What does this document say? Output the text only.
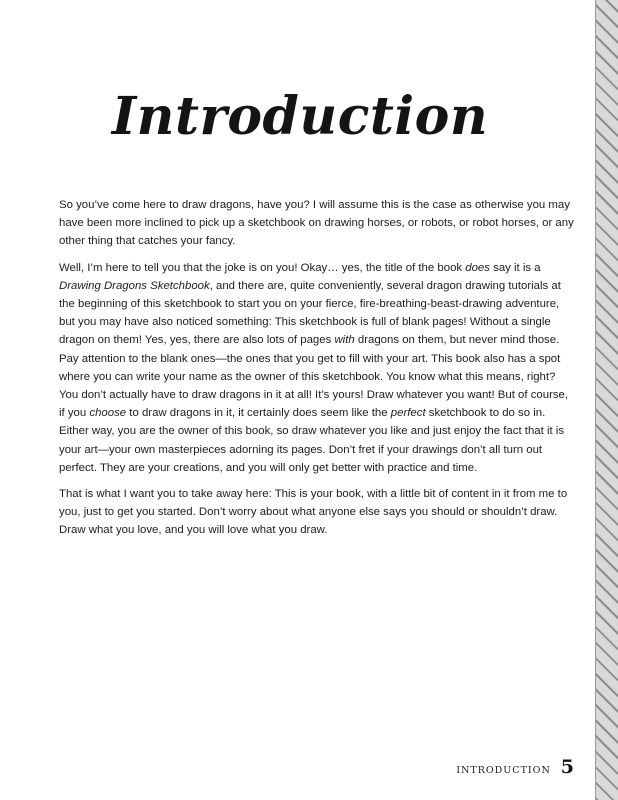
Introduction

So you’ve come here to draw dragons, have you? I will assume this is the case as otherwise you may have been more inclined to pick up a sketchbook on drawing horses, or robots, or robot horses, or any other thing that catches your fancy.

Well, I’m here to tell you that the joke is on you! Okay… yes, the title of the book does say it is a Drawing Dragons Sketchbook, and there are, quite conveniently, several dragon drawing tutorials at the beginning of this sketchbook to start you on your fierce, fire-breathing-beast-drawing adventure, but you may have also noticed something: This sketchbook is full of blank pages! Without a single dragon on them! Yes, yes, there are also lots of pages with dragons on them, but never mind those. Pay attention to the blank ones—the ones that you get to fill with your art. This book also has a spot where you can write your name as the owner of this sketchbook. You know what this means, right? You don’t actually have to draw dragons in it at all! It’s yours! Draw whatever you want! But of course, if you choose to draw dragons in it, it certainly does seem like the perfect sketchbook to do so in. Either way, you are the owner of this book, so draw whatever you like and just enjoy the fact that it is your art—your own masterpieces adorning its pages. Don’t fret if your drawings don’t all turn out perfect. They are your creations, and you will only get better with practice and time.

That is what I want you to take away here: This is your book, with a little bit of content in it from me to you, just to get you started. Don’t worry about what anyone else says you should or shouldn’t draw. Draw what you love, and you will love what you draw.

INTRODUCTION 5
